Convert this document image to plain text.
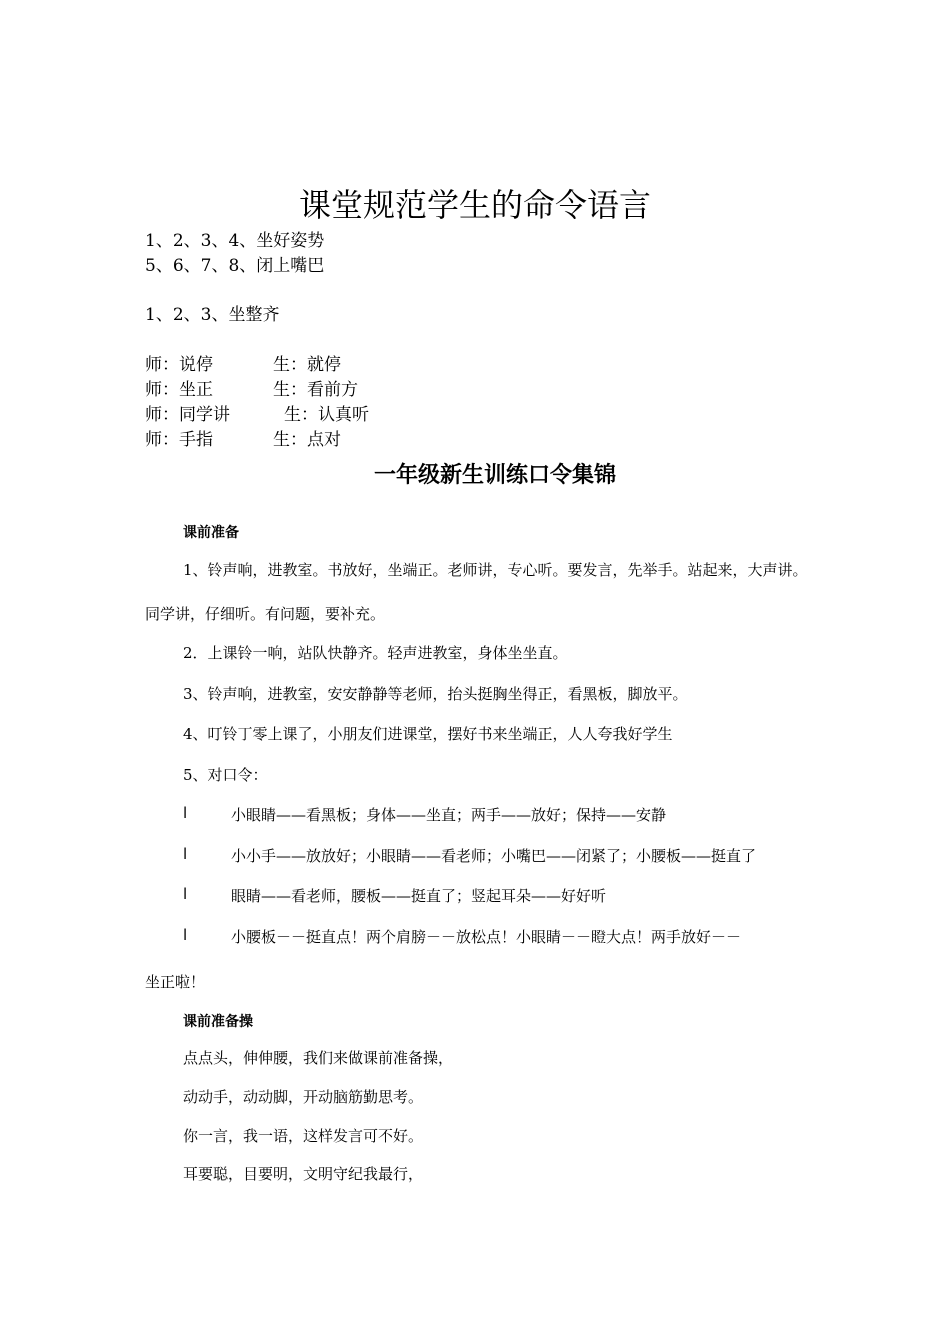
课堂规范学生的命令语言
1、2、3、4、坐好姿势
5、6、7、8、闭上嘴巴
1、2、3、坐整齐
师：说停	生：就停
师：坐正	生：看前方
师：同学讲	生：认真听
师：手指	生：点对
一年级新生训练口令集锦
课前准备
1、铃声响，进教室。书放好，坐端正。老师讲，专心听。要发言，先举手。站起来，大声讲。
同学讲，仔细听。有问题，要补充。
2．上课铃一响，站队快静齐。轻声进教室，身体坐坐直。
3、铃声响，进教室，安安静静等老师，抬头挺胸坐得正，看黑板，脚放平。
4、叮铃丁零上课了，小朋友们进课堂，摆好书来坐端正，人人夸我好学生
5、对口令：
l	小眼睛——看黑板；身体——坐直；两手——放好；保持——安静
l	小小手——放放好；小眼睛——看老师；小嘴巴——闭紧了；小腰板——挺直了
l	眼睛——看老师，腰板——挺直了；竖起耳朵——好好听
l	小腰板－－挺直点！两个肩膀－－放松点！小眼睛－－瞪大点！两手放好－－
坐正啦！
课前准备操
点点头，伸伸腰，我们来做课前准备操，
动动手，动动脚，开动脑筋勤思考。
你一言，我一语，这样发言可不好。
耳要聪，目要明，文明守纪我最行，
